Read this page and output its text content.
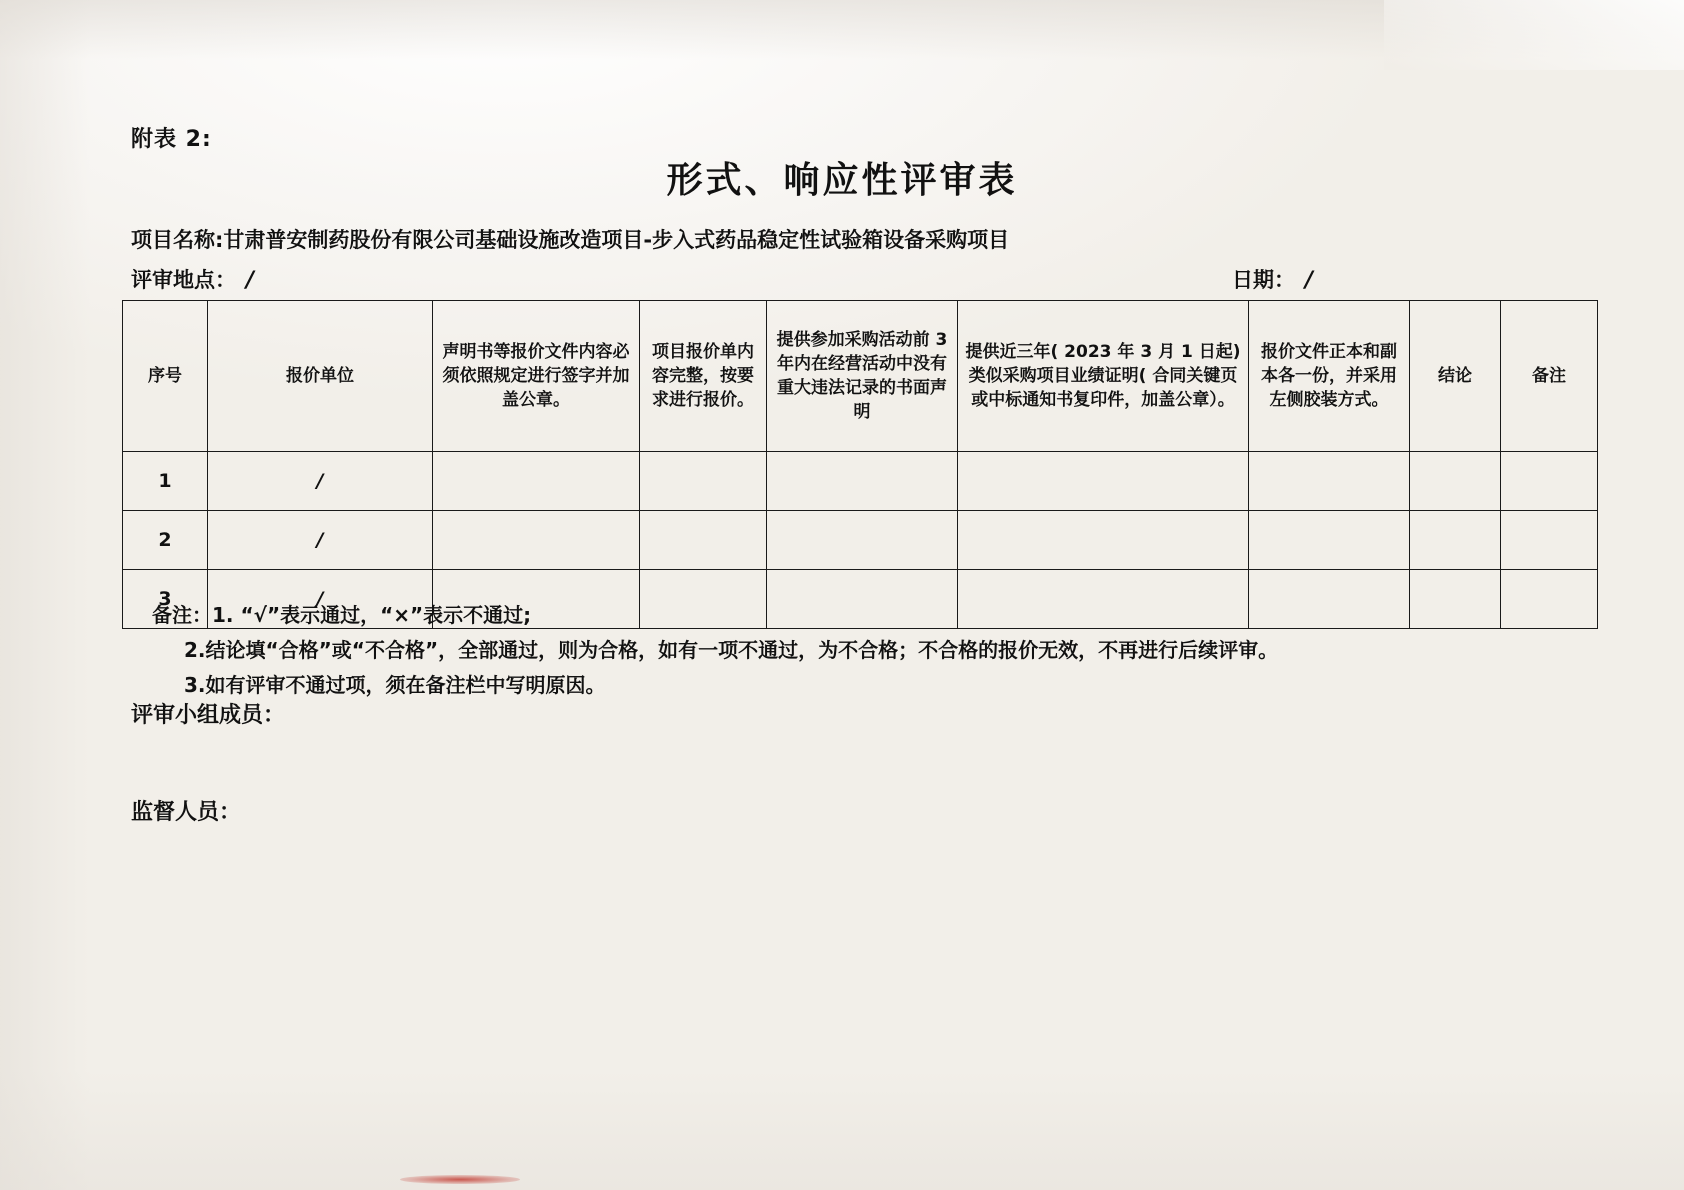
附表 2:
形式、响应性评审表
项目名称:甘肃普安制药股份有限公司基础设施改造项目-步入式药品稳定性试验箱设备采购项目
评审地点： /	日期： /
序号	报价单位	声明书等报价文件内容必须依照规定进行签字并加盖公章。	项目报价单内容完整，按要求进行报价。	提供参加采购活动前 3 年内在经营活动中没有重大违法记录的书面声明	提供近三年( 2023 年 3 月 1 日起)类似采购项目业绩证明( 合同关键页或中标通知书复印件，加盖公章）。	报价文件正本和副本各一份，并采用左侧胶装方式。	结论	备注

1	/							
2	/							
3	/							
备注：1. “√”表示通过，“×”表示不通过;
2.结论填“合格”或“不合格”，全部通过，则为合格，如有一项不通过，为不合格；不合格的报价无效，不再进行后续评审。
3.如有评审不通过项，须在备注栏中写明原因。
评审小组成员：
监督人员：
